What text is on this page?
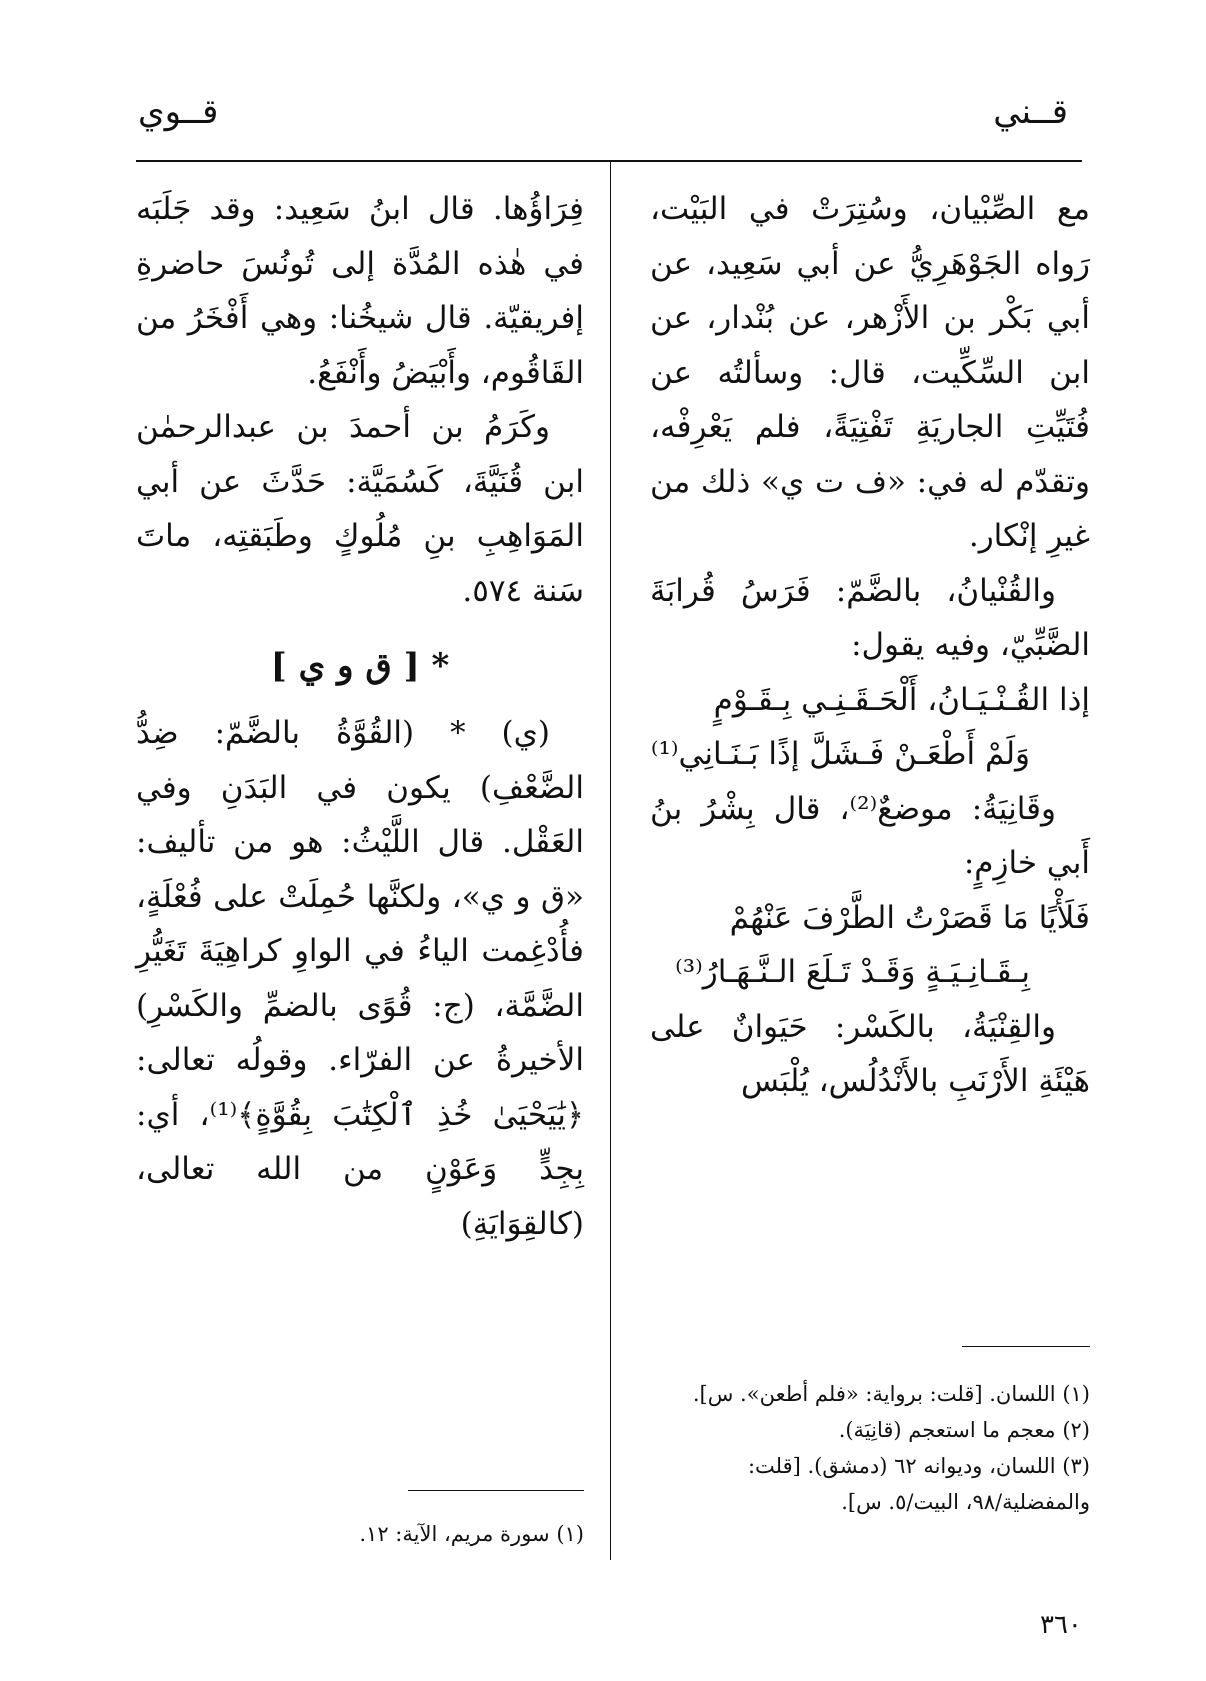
قــني
قــوي

مع الصِّبْيان، وسُتِرَتْ في البَيْت، رَواه الجَوْهَرِيُّ عن أبي سَعِيد، عن أبي بَكْر بن الأَزْهر، عن بُنْدار، عن ابن السِّكِّيت، قال: وسألتُه عن فُتَيِّتِ الجاريَةِ تَفْتِيَةً، فلم يَعْرِفْه، وتقدّم له في: «ف ت ي» ذلك من غيرِ إنْكار.

والقُنْيانُ، بالضَّمّ: فَرَسُ قُرابَةَ الضَّبِّيّ، وفيه يقول:

إذا القُـنْـيَـانُ، أَلْحَـقَـنِـي بِـقَـوْمٍ

وَلَمْ أَطْعَـنْ فَـشَلَّ إذًا بَـنَـانِي⁽¹⁾

وقَانِيَةُ: موضعٌ⁽²⁾، قال بِشْرُ بنُ أَبي خازِمٍ:

فَلَأْيًا مَا قَصَرْتُ الطَّرْفَ عَنْهُمْ

بِـقَـانِـيَـةٍ وَقَـدْ تَـلَعَ الـنَّـهَـارُ⁽³⁾

والقِنْيَةُ، بالكَسْر: حَيَوانٌ على هَيْئَةِ الأَرْنَبِ بالأَنْدُلُس، يُلْبَس

(١) اللسان. [قلت: برواية: «فلم أطعن». س].

(٢) معجم ما استعجم (قانِيَة).

(٣) اللسان، وديوانه ٦٢ (دمشق). [قلت:

والمفضلية/٩٨، البيت/٥. س].

فِرَاؤُها. قال ابنُ سَعِيد: وقد جَلَبَه في هٰذه المُدَّة إلى تُونُسَ حاضرةِ إفريقيّة. قال شيخُنا: وهي أَفْخَرُ من القَاقُوم، وأَبْيَضُ وأَنْفَعُ.

وكَرَمُ بن أحمدَ بن عبدالرحمٰن ابن قُنَيَّةَ، كَسُمَيَّة: حَدَّثَ عن أبي المَوَاهِبِ بنِ مُلُوكٍ وطَبَقتِه، ماتَ سَنة ٥٧٤.

* [ ق و ي ]

(ي) * (القُوَّةُ بالضَّمّ: ضِدُّ الضَّعْفِ) يكون في البَدَنِ وفي العَقْل. قال اللَّيْثُ: هو من تأليف: «ق و ي»، ولكنَّها حُمِلَتْ على فُعْلَةٍ، فأُدْغِمت الياءُ في الواوِ كراهِيَةَ تَغَيُّرِ الضَّمَّة، (ج: قُوًى بالضمِّ والكَسْرِ) الأخيرةُ عن الفرّاء. وقولُه تعالى: ﴿يَٰيَحْيَىٰ خُذِ ٱلْكِتَٰبَ بِقُوَّةٍ﴾⁽¹⁾، أي: بِجِدٍّ وَعَوْنٍ من الله تعالى، (كالقِوَايَةِ)

(١) سورة مريم، الآية: ١٢.

٣٦٠
